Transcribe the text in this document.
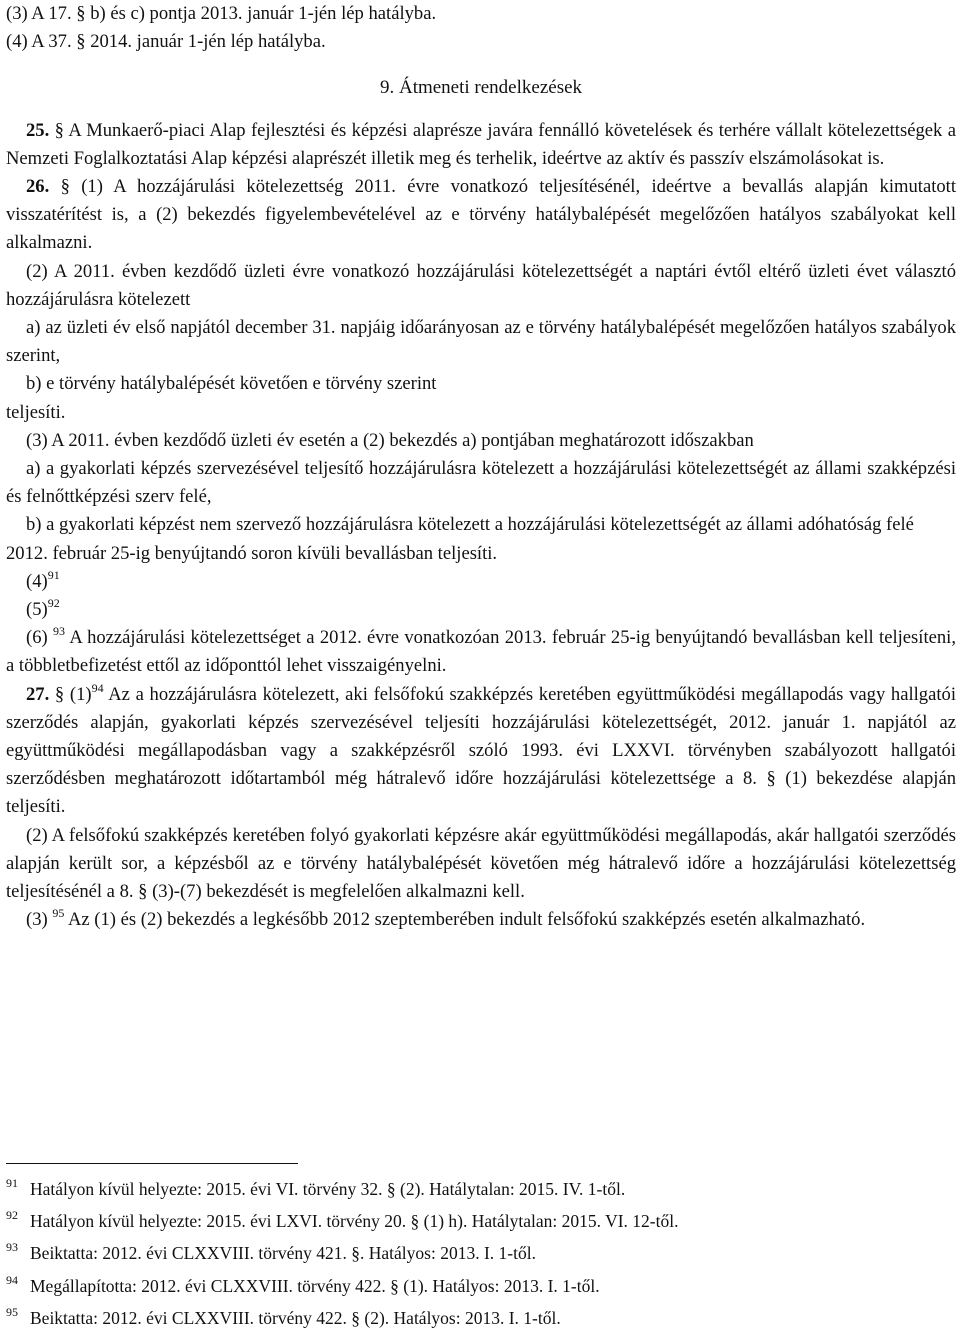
(3) A 17. § b) és c) pontja 2013. január 1-jén lép hatályba.

(4) A 37. § 2014. január 1-jén lép hatályba.

9. Átmeneti rendelkezések

25. § A Munkaerő-piaci Alap fejlesztési és képzési alaprésze javára fennálló követelések és terhére vállalt kötelezettségek a Nemzeti Foglalkoztatási Alap képzési alaprészét illetik meg és terhelik, ideértve az aktív és passzív elszámolásokat is.

26. § (1) A hozzájárulási kötelezettség 2011. évre vonatkozó teljesítésénél, ideértve a bevallás alapján kimutatott visszatérítést is, a (2) bekezdés figyelembevételével az e törvény hatálybalépését megelőzően hatályos szabályokat kell alkalmazni.

(2) A 2011. évben kezdődő üzleti évre vonatkozó hozzájárulási kötelezettségét a naptári évtől eltérő üzleti évet választó hozzájárulásra kötelezett

a) az üzleti év első napjától december 31. napjáig időarányosan az e törvény hatálybalépését megelőzően hatályos szabályok szerint,

b) e törvény hatálybalépését követően e törvény szerint

teljesíti.

(3) A 2011. évben kezdődő üzleti év esetén a (2) bekezdés a) pontjában meghatározott időszakban

a) a gyakorlati képzés szervezésével teljesítő hozzájárulásra kötelezett a hozzájárulási kötelezettségét az állami szakképzési és felnőttképzési szerv felé,

b) a gyakorlati képzést nem szervező hozzájárulásra kötelezett a hozzájárulási kötelezettségét az állami adóhatóság felé

2012. február 25-ig benyújtandó soron kívüli bevallásban teljesíti.

$(4)^{91}$

$(5)^{92}$

(6) $^{93}$ A hozzájárulási kötelezettséget a 2012. évre vonatkozóan 2013. február 25-ig benyújtandó bevallásban kell teljesíteni, a többletbefizetést ettől az időponttól lehet visszaigényelni.

27. § $(1)^{94}$ Az a hozzájárulásra kötelezett, aki felsőfokú szakképzés keretében együttműködési megállapodás vagy hallgatói szerződés alapján, gyakorlati képzés szervezésével teljesíti hozzájárulási kötelezettségét, 2012. január 1. napjától az együttműködési megállapodásban vagy a szakképzésről szóló 1993. évi LXXVI. törvényben szabályozott hallgatói szerződésben meghatározott időtartamból még hátralevő időre hozzájárulási kötelezettsége a 8. § (1) bekezdése alapján teljesíti.

(2) A felsőfokú szakképzés keretében folyó gyakorlati képzésre akár együttműködési megállapodás, akár hallgatói szerződés alapján került sor, a képzésből az e törvény hatálybalépését követően még hátralevő időre a hozzájárulási kötelezettség teljesítésénél a 8. § (3)-(7) bekezdését is megfelelően alkalmazni kell.

(3) $^{95}$ Az (1) és (2) bekezdés a legkésőbb 2012 szeptemberében indult felsőfokú szakképzés esetén alkalmazható.

91 Hatályon kívül helyezte: 2015. évi VI. törvény 32. § (2). Hatálytalan: 2015. IV. 1-től.

92 Hatályon kívül helyezte: 2015. évi LXVI. törvény 20. § (1) h). Hatálytalan: 2015. VI. 12-től.

93 Beiktatta: 2012. évi CLXXVIII. törvény 421. §. Hatályos: 2013. I. 1-től.

94 Megállapította: 2012. évi CLXXVIII. törvény 422. § (1). Hatályos: 2013. I. 1-től.

95 Beiktatta: 2012. évi CLXXVIII. törvény 422. § (2). Hatályos: 2013. I. 1-től.
